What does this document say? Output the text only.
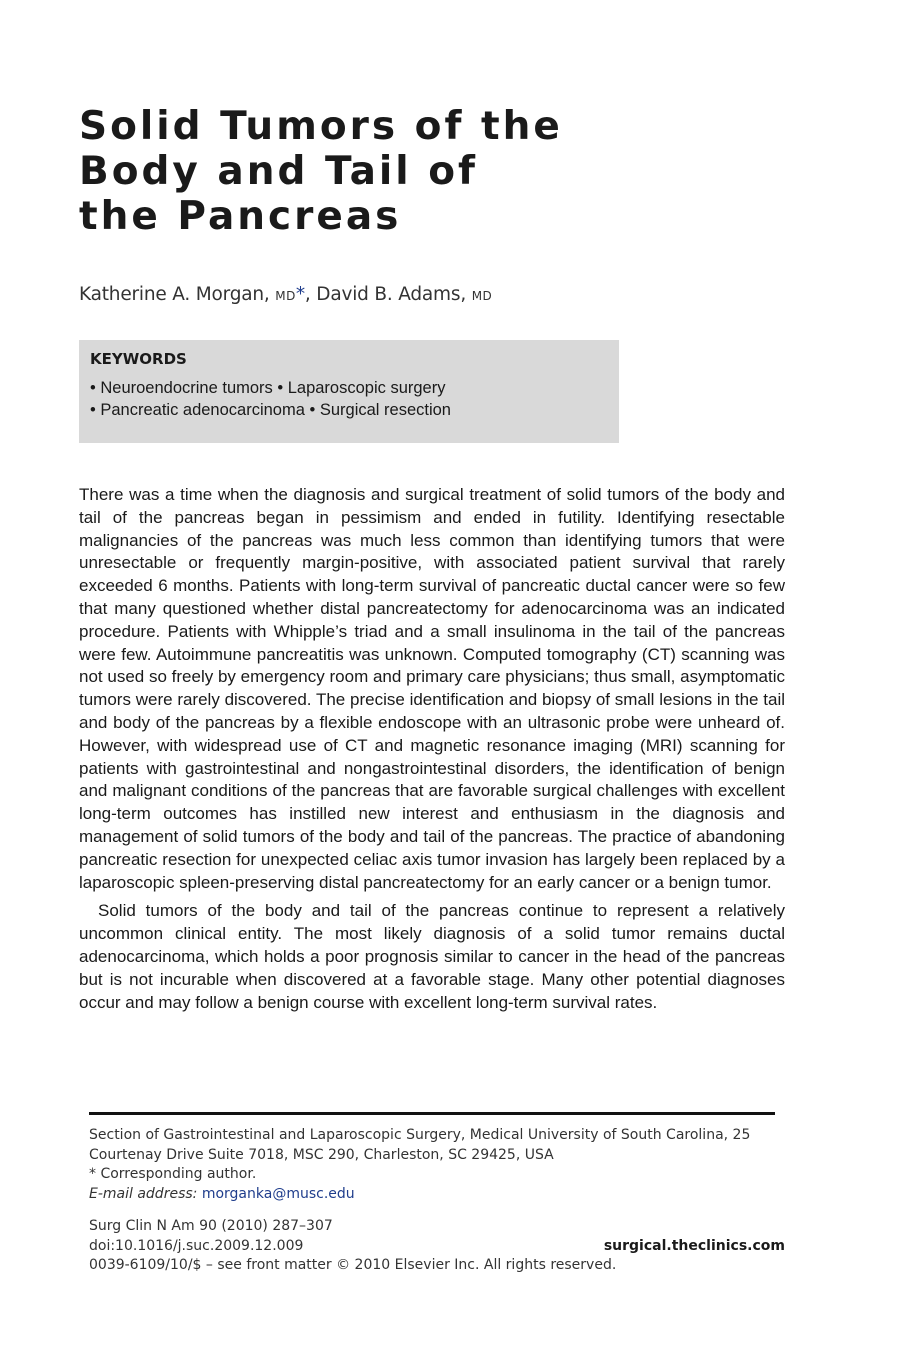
Solid Tumors of the
Body and Tail of
the Pancreas
Katherine A. Morgan, MD*, David B. Adams, MD
KEYWORDS
• Neuroendocrine tumors • Laparoscopic surgery
• Pancreatic adenocarcinoma • Surgical resection

There was a time when the diagnosis and surgical treatment of solid tumors of the body and tail of the pancreas began in pessimism and ended in futility. Identifying resectable malignancies of the pancreas was much less common than identifying tumors that were unresectable or frequently margin-positive, with associated patient survival that rarely exceeded 6 months. Patients with long-term survival of pancreatic ductal cancer were so few that many questioned whether distal pancreatectomy for adenocarcinoma was an indicated procedure. Patients with Whipple’s triad and a small insulinoma in the tail of the pancreas were few. Autoimmune pancreatitis was unknown. Computed tomography (CT) scanning was not used so freely by emergency room and primary care physicians; thus small, asymptomatic tumors were rarely discovered. The precise identification and biopsy of small lesions in the tail and body of the pancreas by a flexible endoscope with an ultrasonic probe were unheard of. However, with widespread use of CT and magnetic resonance imaging (MRI) scanning for patients with gastrointestinal and nongastrointestinal disorders, the identification of benign and malignant conditions of the pancreas that are favorable surgical challenges with excellent long-term outcomes has instilled new interest and enthusiasm in the diagnosis and management of solid tumors of the body and tail of the pancreas. The practice of abandoning pancreatic resection for unexpected celiac axis tumor invasion has largely been replaced by a laparoscopic spleen-preserving distal pancreatectomy for an early cancer or a benign tumor.

Solid tumors of the body and tail of the pancreas continue to represent a relatively uncommon clinical entity. The most likely diagnosis of a solid tumor remains ductal adenocarcinoma, which holds a poor prognosis similar to cancer in the head of the pancreas but is not incurable when discovered at a favorable stage. Many other potential diagnoses occur and may follow a benign course with excellent long-term survival rates.

Section of Gastrointestinal and Laparoscopic Surgery, Medical University of South Carolina, 25 Courtenay Drive Suite 7018, MSC 290, Charleston, SC 29425, USA

* Corresponding author.

E-mail address: morganka@musc.edu

Surg Clin N Am 90 (2010) 287–307

doi:10.1016/j.suc.2009.12.009	surgical.theclinics.com

0039-6109/10/$ – see front matter © 2010 Elsevier Inc. All rights reserved.
